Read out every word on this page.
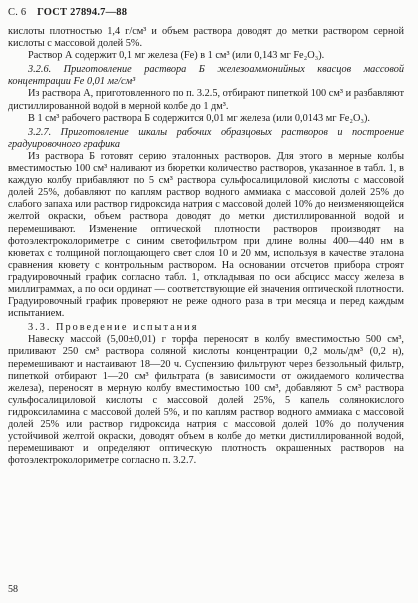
С. 6 ГОСТ 27894.7—88

кислоты плотностью 1,4 г/см³ и объем раствора доводят до метки раствором серной кислоты с массовой долей 5%.

Раствор А содержит 0,1 мг железа (Fe) в 1 см³ (или 0,143 мг Fe₂O₃).

3.2.6. Приготовление раствора Б железоаммонийных квасцов массовой концентрации Fe 0,01 мг/см³

Из раствора А, приготовленного по п. 3.2.5, отбирают пипеткой 100 см³ и разбавляют дистиллированной водой в мерной колбе до 1 дм³.

В 1 см³ рабочего раствора Б содержится 0,01 мг железа (или 0,0143 мг Fe₂O₃).

3.2.7. Приготовление шкалы рабочих образцовых растворов и построение градуировочного графика

Из раствора Б готовят серию эталонных растворов. Для этого в мерные колбы вместимостью 100 см³ наливают из бюретки количество растворов, указанное в табл. 1, в каждую колбу прибавляют по 5 см³ раствора сульфосалициловой кислоты с массовой долей 25%, добавляют по каплям раствор водного аммиака с массовой долей 25% до слабого запаха или раствор гидроксида натрия с массовой долей 10% до неизменяющейся желтой окраски, объем раствора доводят до метки дистиллированной водой и перемешивают. Изменение оптической плотности растворов производят на фотоэлектроколориметре с синим светофильтром при длине волны 400—440 нм в кюветах с толщиной поглощающего свет слоя 10 и 20 мм, используя в качестве эталона сравнения кювету с контрольным раствором. На основании отсчетов прибора строят градуировочный график согласно табл. 1, откладывая по оси абсцисс массу железа в миллиграммах, а по оси ординат — соответствующие ей значения оптической плотности. Градуировочный график проверяют не реже одного раза в три месяца и перед каждым испытанием.

3.3. Проведение испытания

Навеску массой (5,00±0,01) г торфа переносят в колбу вместимостью 500 см³, приливают 250 см³ раствора соляной кислоты концентрации 0,2 моль/дм³ (0,2 н), перемешивают и настаивают 18—20 ч. Суспензию фильтруют через беззольный фильтр, пипеткой отбирают 1—20 см³ фильтрата (в зависимости от ожидаемого количества железа), переносят в мерную колбу вместимостью 100 см³, добавляют 5 см³ раствора сульфосалициловой кислоты с массовой долей 25%, 5 капель солянокислого гидроксиламина с массовой долей 5%, и по каплям раствор водного аммиака с массовой долей 25% или раствор гидроксида натрия с массовой долей 10% до получения устойчивой желтой окраски, доводят объем в колбе до метки дистиллированной водой, перемешивают и определяют оптическую плотность окрашенных растворов на фотоэлектроколориметре согласно п. 3.2.7.

58
